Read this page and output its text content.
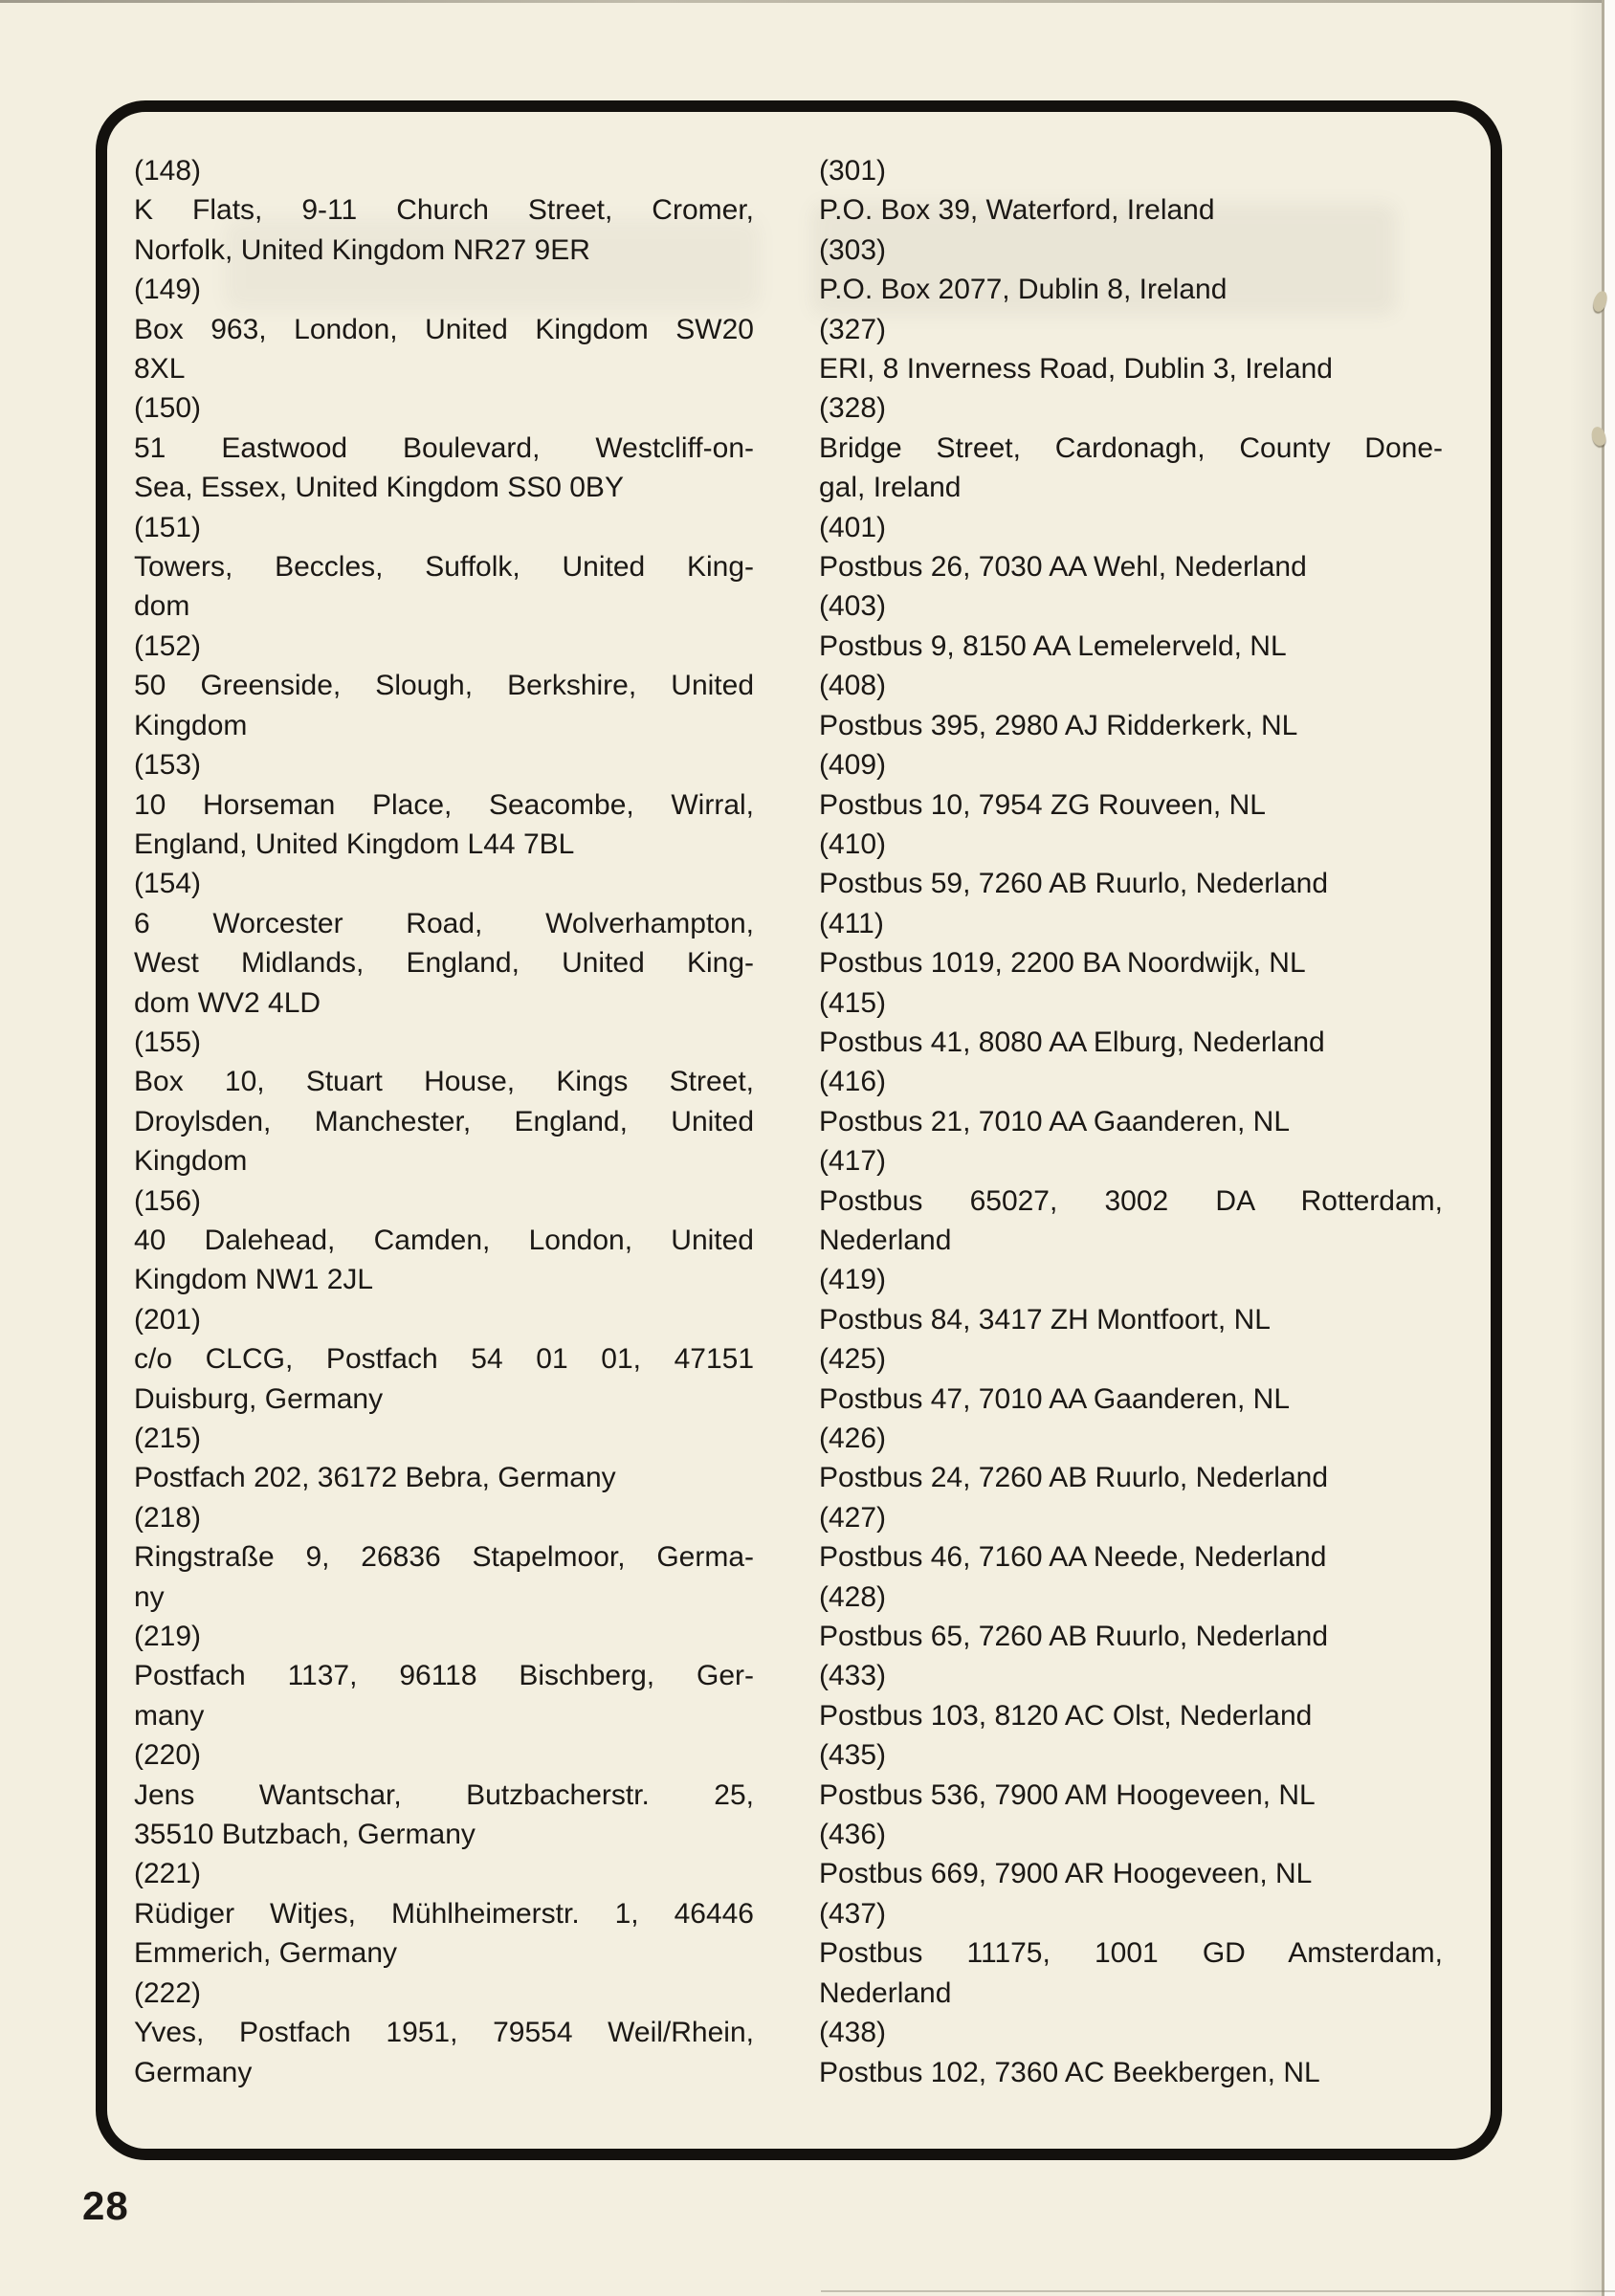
(148)
K Flats, 9-11 Church Street, Cromer,
Norfolk, United Kingdom NR27 9ER
(149)
Box 963, London, United Kingdom SW20
8XL
(150)
51 Eastwood Boulevard, Westcliff-on-
Sea, Essex, United Kingdom SS0 0BY
(151)
Towers, Beccles, Suffolk, United King-
dom
(152)
50 Greenside, Slough, Berkshire, United
Kingdom
(153)
10 Horseman Place, Seacombe, Wirral,
England, United Kingdom L44 7BL
(154)
6 Worcester Road, Wolverhampton,
West Midlands, England, United King-
dom WV2 4LD
(155)
Box 10, Stuart House, Kings Street,
Droylsden, Manchester, England, United
Kingdom
(156)
40 Dalehead, Camden, London, United
Kingdom NW1 2JL
(201)
c/o CLCG, Postfach 54 01 01, 47151
Duisburg, Germany
(215)
Postfach 202, 36172 Bebra, Germany
(218)
Ringstraße 9, 26836 Stapelmoor, Germa-
ny
(219)
Postfach 1137, 96118 Bischberg, Ger-
many
(220)
Jens Wantschar, Butzbacherstr. 25,
35510 Butzbach, Germany
(221)
Rüdiger Witjes, Mühlheimerstr. 1, 46446
Emmerich, Germany
(222)
Yves, Postfach 1951, 79554 Weil/Rhein,
Germany
(301)
P.O. Box 39, Waterford, Ireland
(303)
P.O. Box 2077, Dublin 8, Ireland
(327)
ERI, 8 Inverness Road, Dublin 3, Ireland
(328)
Bridge Street, Cardonagh, County Done-
gal, Ireland
(401)
Postbus 26, 7030 AA Wehl, Nederland
(403)
Postbus 9, 8150 AA Lemelerveld, NL
(408)
Postbus 395, 2980 AJ Ridderkerk, NL
(409)
Postbus 10, 7954 ZG Rouveen, NL
(410)
Postbus 59, 7260 AB Ruurlo, Nederland
(411)
Postbus 1019, 2200 BA Noordwijk, NL
(415)
Postbus 41, 8080 AA Elburg, Nederland
(416)
Postbus 21, 7010 AA Gaanderen, NL
(417)
Postbus 65027, 3002 DA Rotterdam,
Nederland
(419)
Postbus 84, 3417 ZH Montfoort, NL
(425)
Postbus 47, 7010 AA Gaanderen, NL
(426)
Postbus 24, 7260 AB Ruurlo, Nederland
(427)
Postbus 46, 7160 AA Neede, Nederland
(428)
Postbus 65, 7260 AB Ruurlo, Nederland
(433)
Postbus 103, 8120 AC Olst, Nederland
(435)
Postbus 536, 7900 AM Hoogeveen, NL
(436)
Postbus 669, 7900 AR Hoogeveen, NL
(437)
Postbus 11175, 1001 GD Amsterdam,
Nederland
(438)
Postbus 102, 7360 AC Beekbergen, NL
28
